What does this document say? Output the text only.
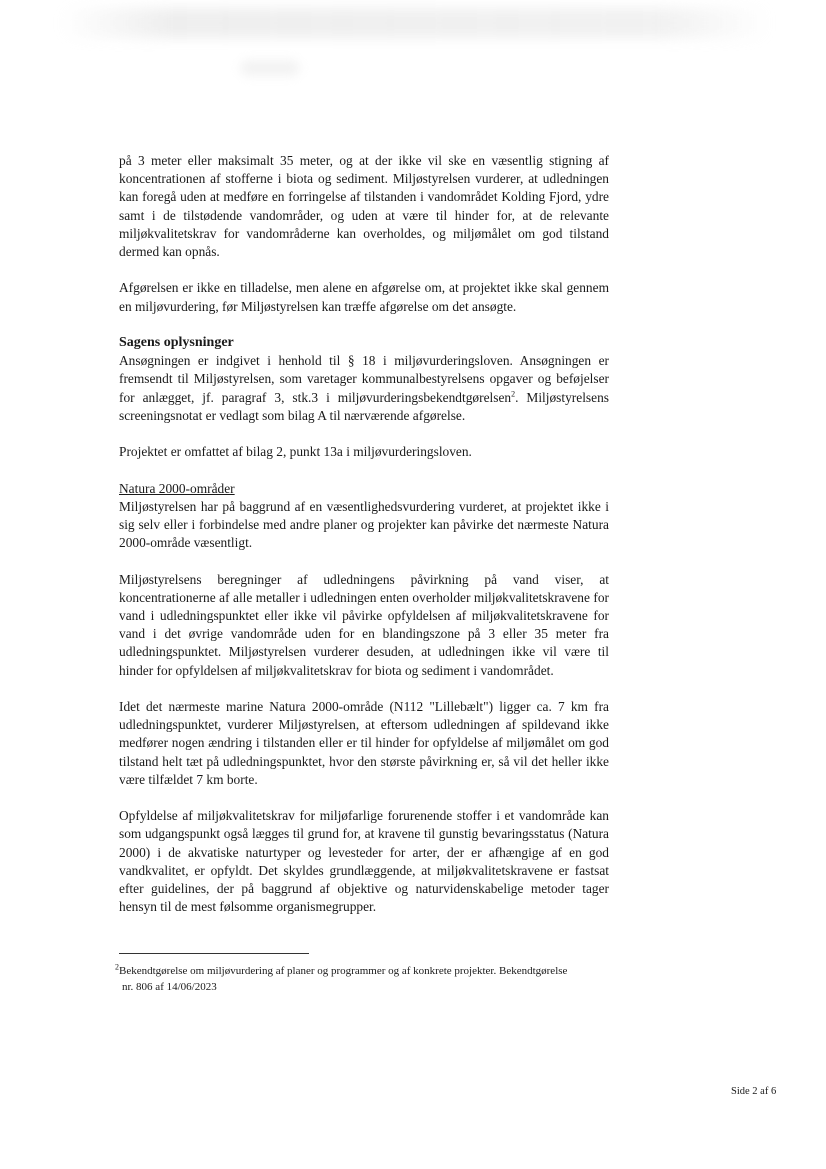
på 3 meter eller maksimalt 35 meter, og at der ikke vil ske en væsentlig stigning af koncentrationen af stofferne i biota og sediment. Miljøstyrelsen vurderer, at udledningen kan foregå uden at medføre en forringelse af tilstanden i vandområdet Kolding Fjord, ydre samt i de tilstødende vandområder, og uden at være til hinder for, at de relevante miljøkvalitetskrav for vandområderne kan overholdes, og miljømålet om god tilstand dermed kan opnås.

Afgørelsen er ikke en tilladelse, men alene en afgørelse om, at projektet ikke skal gennem en miljøvurdering, før Miljøstyrelsen kan træffe afgørelse om det ansøgte.

Sagens oplysninger

Ansøgningen er indgivet i henhold til § 18 i miljøvurderingsloven. Ansøgningen er fremsendt til Miljøstyrelsen, som varetager kommunalbestyrelsens opgaver og beføjelser for anlægget, jf. paragraf 3, stk.3 i miljøvurderingsbekendtgørelsen$^2$. Miljøstyrelsens screeningsnotat er vedlagt som bilag A til nærværende afgørelse.

Projektet er omfattet af bilag 2, punkt 13a i miljøvurderingsloven.

Natura 2000-områder

Miljøstyrelsen har på baggrund af en væsentlighedsvurdering vurderet, at projektet ikke i sig selv eller i forbindelse med andre planer og projekter kan påvirke det nærmeste Natura 2000-område væsentligt.

Miljøstyrelsens beregninger af udledningens påvirkning på vand viser, at koncentrationerne af alle metaller i udledningen enten overholder miljøkvalitetskravene for vand i udledningspunktet eller ikke vil påvirke opfyldelsen af miljøkvalitetskravene for vand i det øvrige vandområde uden for en blandingszone på 3 eller 35 meter fra udledningspunktet. Miljøstyrelsen vurderer desuden, at udledningen ikke vil være til hinder for opfyldelsen af miljøkvalitetskrav for biota og sediment i vandområdet.

Idet det nærmeste marine Natura 2000-område (N112 "Lillebælt") ligger ca. 7 km fra udledningspunktet, vurderer Miljøstyrelsen, at eftersom udledningen af spildevand ikke medfører nogen ændring i tilstanden eller er til hinder for opfyldelse af miljømålet om god tilstand helt tæt på udledningspunktet, hvor den største påvirkning er, så vil det heller ikke være tilfældet 7 km borte.

Opfyldelse af miljøkvalitetskrav for miljøfarlige forurenende stoffer i et vandområde kan som udgangspunkt også lægges til grund for, at kravene til gunstig bevaringsstatus (Natura 2000) i de akvatiske naturtyper og levesteder for arter, der er afhængige af en god vandkvalitet, er opfyldt. Det skyldes grundlæggende, at miljøkvalitetskravene er fastsat efter guidelines, der på baggrund af objektive og naturvidenskabelige metoder tager hensyn til de mest følsomme organismegrupper.

$^2$Bekendtgørelse om miljøvurdering af planer og programmer og af konkrete projekter. Bekendtgørelse
nr. 806 af 14/06/2023
Side 2 af 6
